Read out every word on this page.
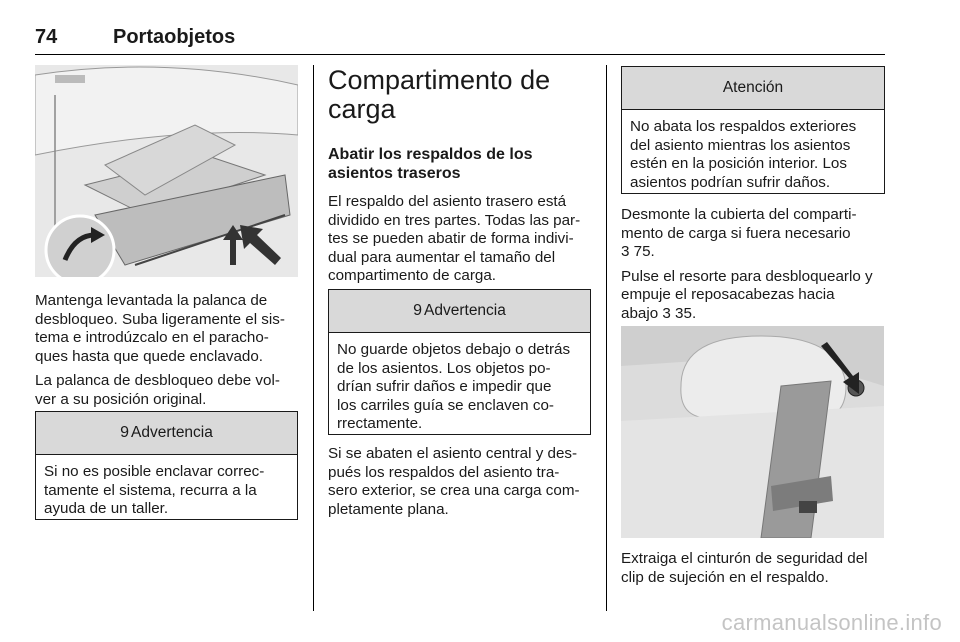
74	Portaobjetos

Mantenga levantada la palanca de
desbloqueo. Suba ligeramente el sis-
tema e introdúzcalo en el paracho-
ques hasta que quede enclavado.

La palanca de desbloqueo debe vol-
ver a su posición original.

9 Advertencia

Si no es posible enclavar correc-
tamente el sistema, recurra a la
ayuda de un taller.

Compartimento de
carga
Abatir los respaldos de los
asientos traseros

El respaldo del asiento trasero está
dividido en tres partes. Todas las par-
tes se pueden abatir de forma indivi-
dual para aumentar el tamaño del
compartimento de carga.

9 Advertencia

No guarde objetos debajo o detrás
de los asientos. Los objetos po-
drían sufrir daños e impedir que
los carriles guía se enclaven co-
rrectamente.

Si se abaten el asiento central y des-
pués los respaldos del asiento tra-
sero exterior, se crea una carga com-
pletamente plana.

Atención

No abata los respaldos exteriores
del asiento mientras los asientos
estén en la posición interior. Los
asientos podrían sufrir daños.

Desmonte la cubierta del comparti-
mento de carga si fuera necesario
3 75.

Pulse el resorte para desbloquearlo y
empuje el reposacabezas hacia
abajo 3 35.

Extraiga el cinturón de seguridad del
clip de sujeción en el respaldo.

carmanualsonline.info
